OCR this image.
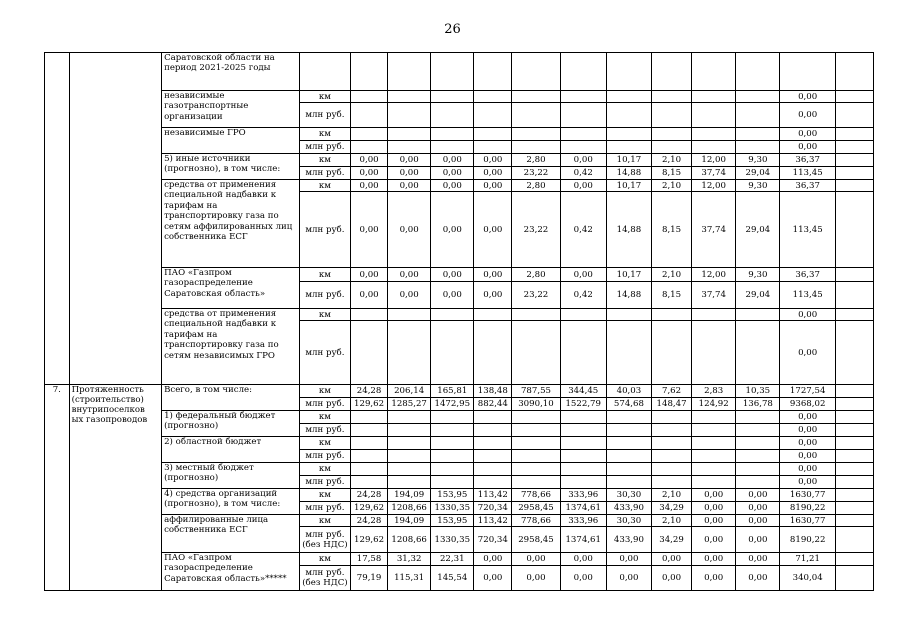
26
		Саратовской области на период 2021-2025 годы													
		независимые газотранспортные организации	км											0,00	
			млн руб.											0,00	
		независимые ГРО	км											0,00	
			млн руб.											0,00	
		5) иные источники (прогнозно), в том числе:	км	0,00	0,00	0,00	0,00	2,80	0,00	10,17	2,10	12,00	9,30	36,37	
			млн руб.	0,00	0,00	0,00	0,00	23,22	0,42	14,88	8,15	37,74	29,04	113,45	
		средства от применения специальной надбавки к тарифам на транспортировку газа по сетям аффилированных лиц собственника ЕСГ	км	0,00	0,00	0,00	0,00	2,80	0,00	10,17	2,10	12,00	9,30	36,37	
			млн руб.	0,00	0,00	0,00	0,00	23,22	0,42	14,88	8,15	37,74	29,04	113,45	
		ПАО «Газпром газораспределение Саратовская область»	км	0,00	0,00	0,00	0,00	2,80	0,00	10,17	2,10	12,00	9,30	36,37	
			млн руб.	0,00	0,00	0,00	0,00	23,22	0,42	14,88	8,15	37,74	29,04	113,45	
		средства от применения специальной надбавки к тарифам на транспортировку газа по сетям независимых ГРО	км											0,00	
			млн руб.											0,00	
7.	Протяженность (строительство) внутрипоселков ых газопроводов	Всего, в том числе:	км	24,28	206,14	165,81	138,48	787,55	344,45	40,03	7,62	2,83	10,35	1727,54	
			млн руб.	129,62	1285,27	1472,95	882,44	3090,10	1522,79	574,68	148,47	124,92	136,78	9368,02	
		1) федеральный бюджет (прогнозно)	км											0,00	
			млн руб.											0,00	
		2) областной бюджет	км											0,00	
			млн руб.											0,00	
		3) местный бюджет (прогнозно)	км											0,00	
			млн руб.											0,00	
		4) средства организаций (прогнозно), в том числе:	км	24,28	194,09	153,95	113,42	778,66	333,96	30,30	2,10	0,00	0,00	1630,77	
			млн руб.	129,62	1208,66	1330,35	720,34	2958,45	1374,61	433,90	34,29	0,00	0,00	8190,22	
		аффилированные лица собственника ЕСГ	км	24,28	194,09	153,95	113,42	778,66	333,96	30,30	2,10	0,00	0,00	1630,77	
			млн руб. (без НДС)	129,62	1208,66	1330,35	720,34	2958,45	1374,61	433,90	34,29	0,00	0,00	8190,22	
		ПАО «Газпром газораспределение Саратовская область»*****	км	17,58	31,32	22,31	0,00	0,00	0,00	0,00	0,00	0,00	0,00	71,21	
			млн руб. (без НДС)	79,19	115,31	145,54	0,00	0,00	0,00	0,00	0,00	0,00	0,00	340,04	
